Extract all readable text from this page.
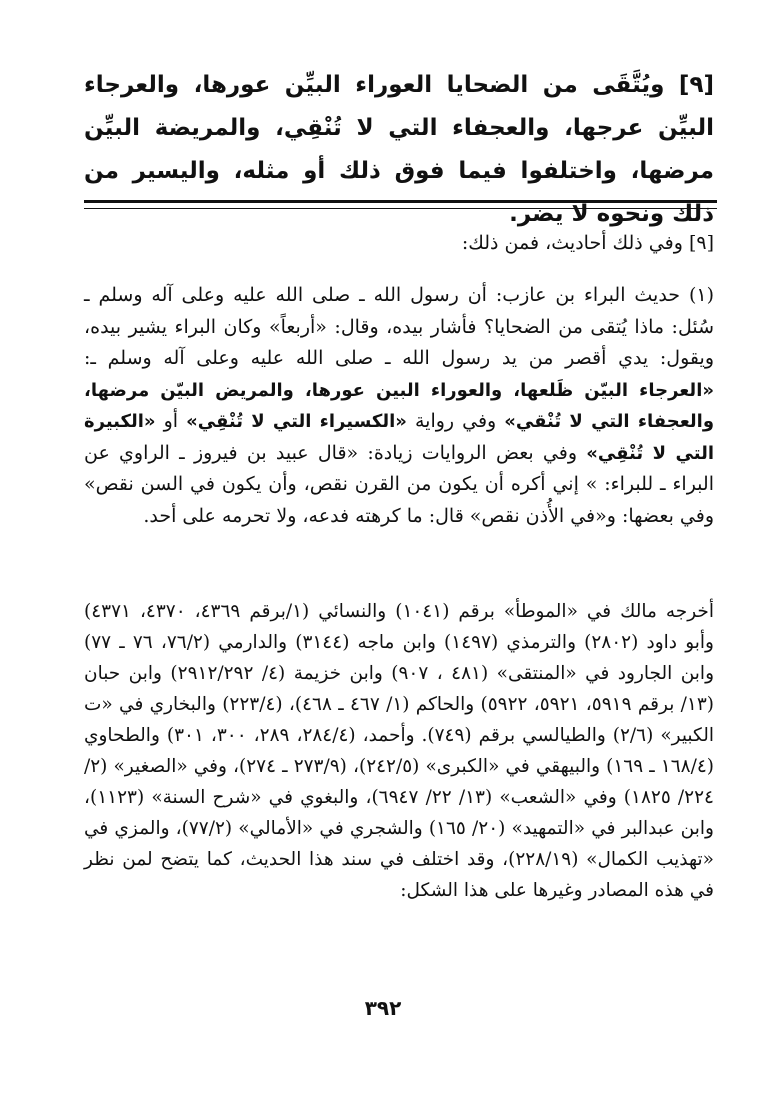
[٩] ويُتَّقَى من الضحايا العوراء البيِّن عورها، والعرجاء البيِّن عرجها، والعجفاء التي لا تُنْقِي، والمريضة البيِّن مرضها، واختلفوا فيما فوق ذلك أو مثله، واليسير من ذلك ونحوه لا يضر.

[٩] وفي ذلك أحاديث، فمن ذلك:

(١) حديث البراء بن عازب: أن رسول الله ـ صلى الله عليه وعلى آله وسلم ـ سُئل: ماذا يُتقى من الضحايا؟ فأشار بيده، وقال: «أربعاً» وكان البراء يشير بيده، ويقول: يدي أقصر من يد رسول الله ـ صلى الله عليه وعلى آله وسلم ـ: «العرجاء البيّن ظَلعها، والعوراء البين عورها، والمريض البيّن مرضها، والعجفاء التي لا تُنْقي» وفي رواية «الكسيراء التي لا تُنْقِي» أو «الكبيرة التي لا تُنْقِي» وفي بعض الروايات زيادة: «قال عبيد بن فيروز ـ الراوي عن البراء ـ للبراء: » إني أكره أن يكون من القرن نقص، وأن يكون في السن نقص» وفي بعضها: و«في الأُذن نقص» قال: ما كرهته فدعه، ولا تحرمه على أحد.

أخرجه مالك في «الموطأ» برقم (١٠٤١) والنسائي (١/برقم ٤٣٦٩، ٤٣٧٠، ٤٣٧١) وأبو داود (٢٨٠٢) والترمذي (١٤٩٧) وابن ماجه (٣١٤٤) والدارمي (٧٦/٢، ٧٦ ـ ٧٧) وابن الجارود في «المنتقى» (٤٨١ ، ٩٠٧) وابن خزيمة (٤/ ٢٩١٢/٢٩٢) وابن حبان (١٣/ برقم ٥٩١٩، ٥٩٢١، ٥٩٢٢) والحاكم (١/ ٤٦٧ ـ ٤٦٨)، (٢٢٣/٤) والبخاري في «ت الكبير» (٢/٦) والطيالسي برقم (٧٤٩). وأحمد، (٢٨٤/٤، ٢٨٩، ٣٠٠، ٣٠١) والطحاوي (١٦٨/٤ ـ ١٦٩) والبيهقي في «الكبرى» (٢٤٢/٥)، (٢٧٣/٩ ـ ٢٧٤)، وفي «الصغير» (٢/ ٢٢٤/ ١٨٢٥) وفي «الشعب» (١٣/ ٢٢/ ٦٩٤٧)، والبغوي في «شرح السنة» (١١٢٣)، وابن عبدالبر في «التمهيد» (٢٠/ ١٦٥) والشجري في «الأمالي» (٧٧/٢)، والمزي في «تهذيب الكمال» (٢٢٨/١٩)، وقد اختلف في سند هذا الحديث، كما يتضح لمن نظر في هذه المصادر وغيرها على هذا الشكل:

٣٩٢
